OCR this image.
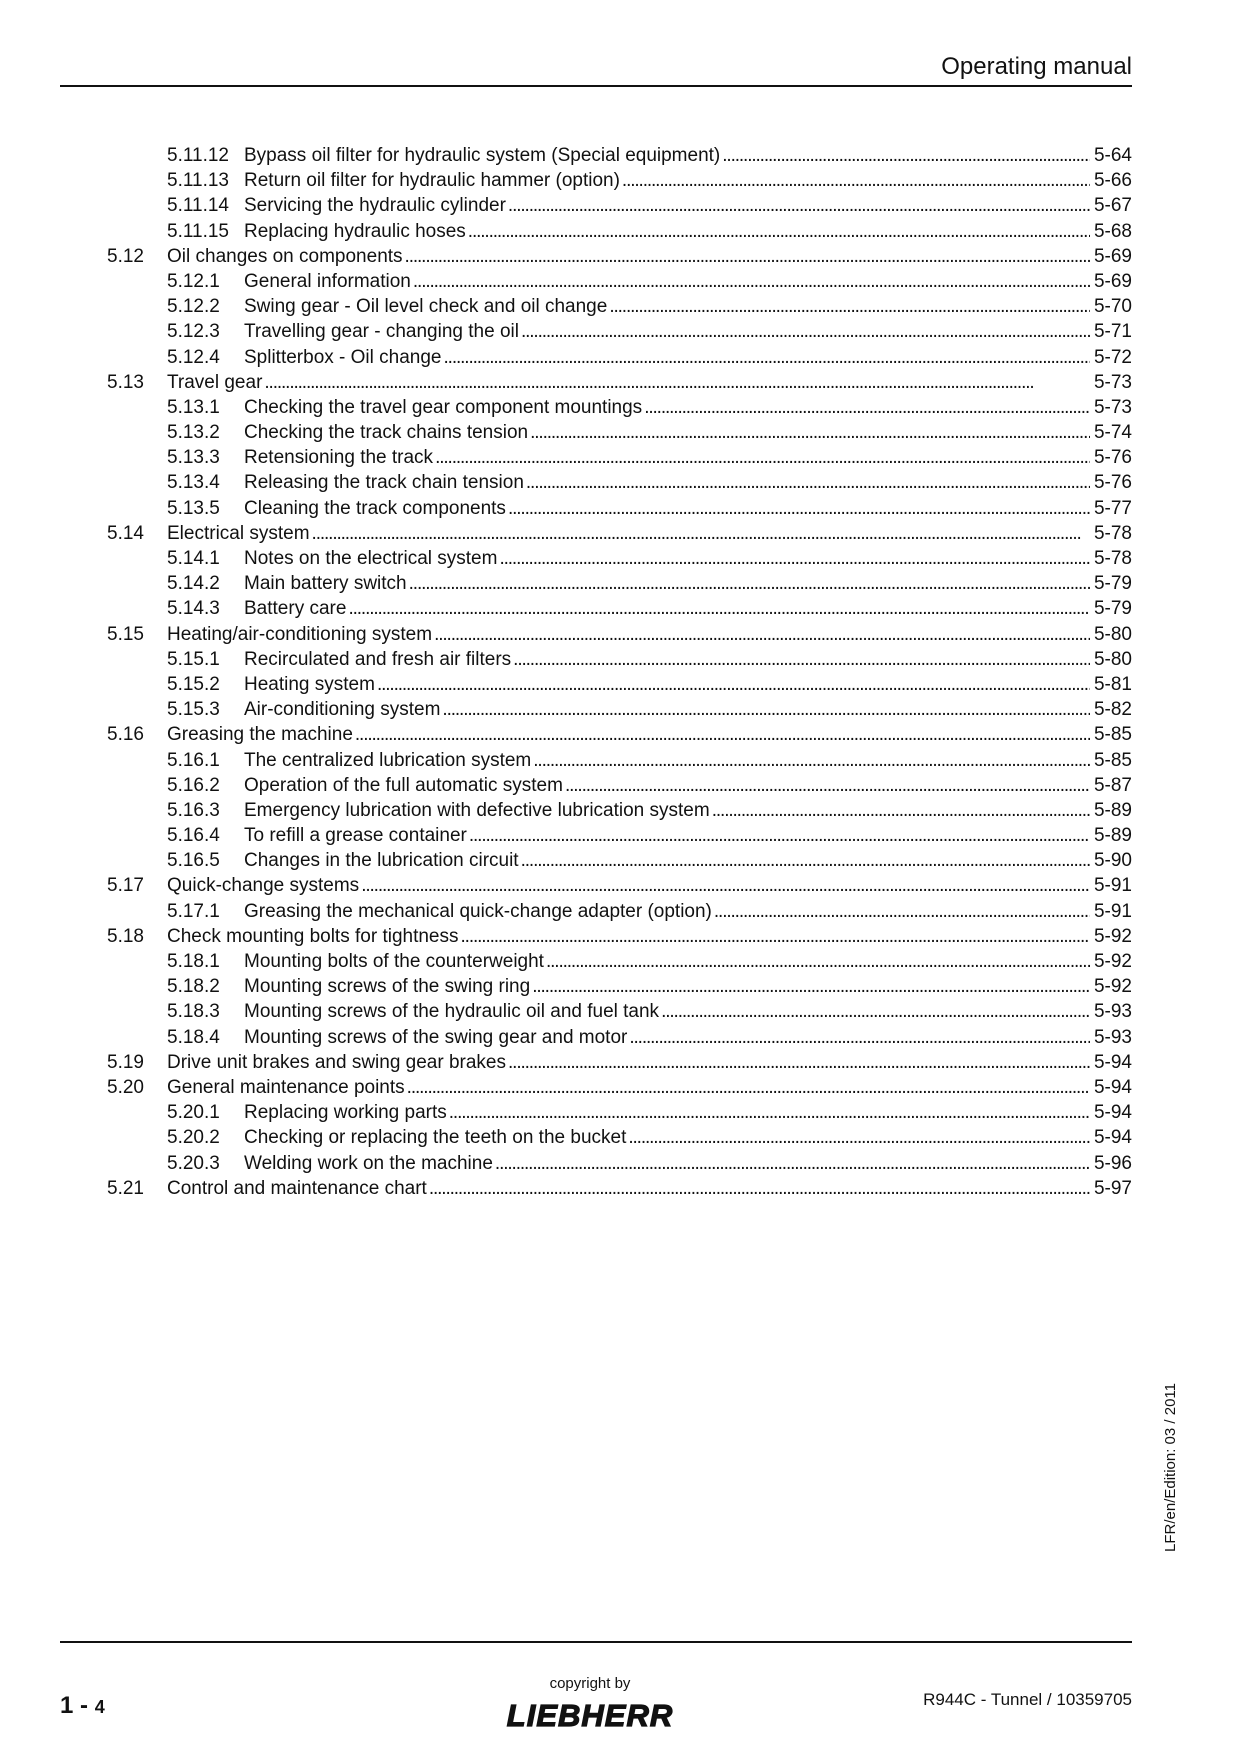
Operating manual
5.11.12 Bypass oil filter for hydraulic system (Special equipment) . . .	5-64
5.11.13 Return oil filter for hydraulic hammer (option) . . .	5-66
5.11.14 Servicing the hydraulic cylinder . . .	5-67
5.11.15 Replacing hydraulic hoses . . .	5-68
5.12 Oil changes on components . . .	5-69
5.12.1 General information . . .	5-69
5.12.2 Swing gear - Oil level check and oil change . . .	5-70
5.12.3 Travelling gear - changing the oil . . .	5-71
5.12.4 Splitterbox - Oil change . . .	5-72
5.13 Travel gear . . .	5-73
5.13.1 Checking the travel gear component mountings . . .	5-73
5.13.2 Checking the track chains tension . . .	5-74
5.13.3 Retensioning the track . . .	5-76
5.13.4 Releasing the track chain tension . . .	5-76
5.13.5 Cleaning the track components . . .	5-77
5.14 Electrical system . . .	5-78
5.14.1 Notes on the electrical system . . .	5-78
5.14.2 Main battery switch . . .	5-79
5.14.3 Battery care . . .	5-79
5.15 Heating/air-conditioning system . . .	5-80
5.15.1 Recirculated and fresh air filters . . .	5-80
5.15.2 Heating system . . .	5-81
5.15.3 Air-conditioning system . . .	5-82
5.16 Greasing the machine . . .	5-85
5.16.1 The centralized lubrication system . . .	5-85
5.16.2 Operation of the full automatic system . . .	5-87
5.16.3 Emergency lubrication with defective lubrication system . . .	5-89
5.16.4 To refill a grease container . . .	5-89
5.16.5 Changes in the lubrication circuit . . .	5-90
5.17 Quick-change systems . . .	5-91
5.17.1 Greasing the mechanical quick-change adapter (option) . . .	5-91
5.18 Check mounting bolts for tightness . . .	5-92
5.18.1 Mounting bolts of the counterweight . . .	5-92
5.18.2 Mounting screws of the swing ring . . .	5-92
5.18.3 Mounting screws of the hydraulic oil and fuel tank . . .	5-93
5.18.4 Mounting screws of the swing gear and motor . . .	5-93
5.19 Drive unit brakes and swing gear brakes . . .	5-94
5.20 General maintenance points . . .	5-94
5.20.1 Replacing working parts . . .	5-94
5.20.2 Checking or replacing the teeth on the bucket . . .	5-94
5.20.3 Welding work on the machine . . .	5-96
5.21 Control and maintenance chart . . .	5-97
LFR/en/Edition: 03 / 2011
1 - 4
copyright by
LIEBHERR	R944C - Tunnel / 10359705
